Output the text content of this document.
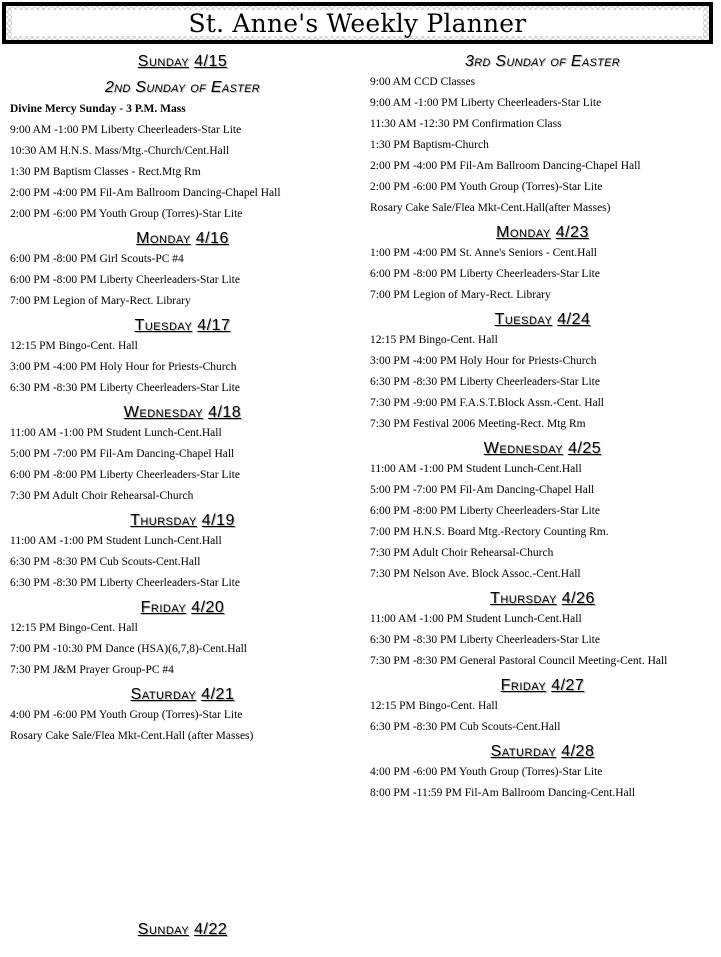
St. Anne's Weekly Planner
Sunday 4/15
2nd Sunday of Easter
Divine Mercy Sunday - 3 P.M. Mass
9:00 AM -1:00 PM Liberty Cheerleaders-Star Lite
10:30 AM H.N.S. Mass/Mtg.-Church/Cent.Hall
1:30 PM Baptism Classes - Rect.Mtg Rm
2:00 PM -4:00 PM Fil-Am Ballroom Dancing-Chapel Hall
2:00 PM -6:00 PM Youth Group (Torres)-Star Lite
Monday 4/16
6:00 PM -8:00 PM Girl Scouts-PC #4
6:00 PM -8:00 PM Liberty Cheerleaders-Star Lite
7:00 PM Legion of Mary-Rect. Library
Tuesday 4/17
12:15 PM Bingo-Cent. Hall
3:00 PM -4:00 PM Holy Hour for Priests-Church
6:30 PM -8:30 PM Liberty Cheerleaders-Star Lite
Wednesday 4/18
11:00 AM -1:00 PM Student Lunch-Cent.Hall
5:00 PM -7:00 PM Fil-Am Dancing-Chapel Hall
6:00 PM -8:00 PM Liberty Cheerleaders-Star Lite
7:30 PM Adult Choir Rehearsal-Church
Thursday 4/19
11:00 AM -1:00 PM Student Lunch-Cent.Hall
6:30 PM -8:30 PM Cub Scouts-Cent.Hall
6:30 PM -8:30 PM Liberty Cheerleaders-Star Lite
Friday 4/20
12:15 PM Bingo-Cent. Hall
7:00 PM -10:30 PM Dance (HSA)(6,7,8)-Cent.Hall
7:30 PM J&M Prayer Group-PC #4
Saturday 4/21
4:00 PM -6:00 PM Youth Group (Torres)-Star Lite
Rosary Cake Sale/Flea Mkt-Cent.Hall (after Masses)
Sunday 4/22
3rd Sunday of Easter
9:00 AM CCD Classes
9:00 AM -1:00 PM Liberty Cheerleaders-Star Lite
11:30 AM -12:30 PM Confirmation Class
1:30 PM Baptism-Church
2:00 PM -4:00 PM Fil-Am Ballroom Dancing-Chapel Hall
2:00 PM -6:00 PM Youth Group (Torres)-Star Lite
Rosary Cake Sale/Flea Mkt-Cent.Hall(after Masses)
Monday 4/23
1:00 PM -4:00 PM St. Anne's Seniors - Cent.Hall
6:00 PM -8:00 PM Liberty Cheerleaders-Star Lite
7:00 PM Legion of Mary-Rect. Library
Tuesday 4/24
12:15 PM Bingo-Cent. Hall
3:00 PM -4:00 PM Holy Hour for Priests-Church
6:30 PM -8:30 PM Liberty Cheerleaders-Star Lite
7:30 PM -9:00 PM F.A.S.T.Block Assn.-Cent. Hall
7:30 PM Festival 2006 Meeting-Rect. Mtg Rm
Wednesday 4/25
11:00 AM -1:00 PM Student Lunch-Cent.Hall
5:00 PM -7:00 PM Fil-Am Dancing-Chapel Hall
6:00 PM -8:00 PM Liberty Cheerleaders-Star Lite
7:00 PM H.N.S. Board Mtg.-Rectory Counting Rm.
7:30 PM Adult Choir Rehearsal-Church
7:30 PM Nelson Ave. Block Assoc.-Cent.Hall
Thursday 4/26
11:00 AM -1:00 PM Student Lunch-Cent.Hall
6:30 PM -8:30 PM Liberty Cheerleaders-Star Lite
7:30 PM -8:30 PM General Pastoral Council Meeting-Cent. Hall
Friday 4/27
12:15 PM Bingo-Cent. Hall
6:30 PM -8:30 PM Cub Scouts-Cent.Hall
Saturday 4/28
4:00 PM -6:00 PM Youth Group (Torres)-Star Lite
8:00 PM -11:59 PM Fil-Am Ballroom Dancing-Cent.Hall
